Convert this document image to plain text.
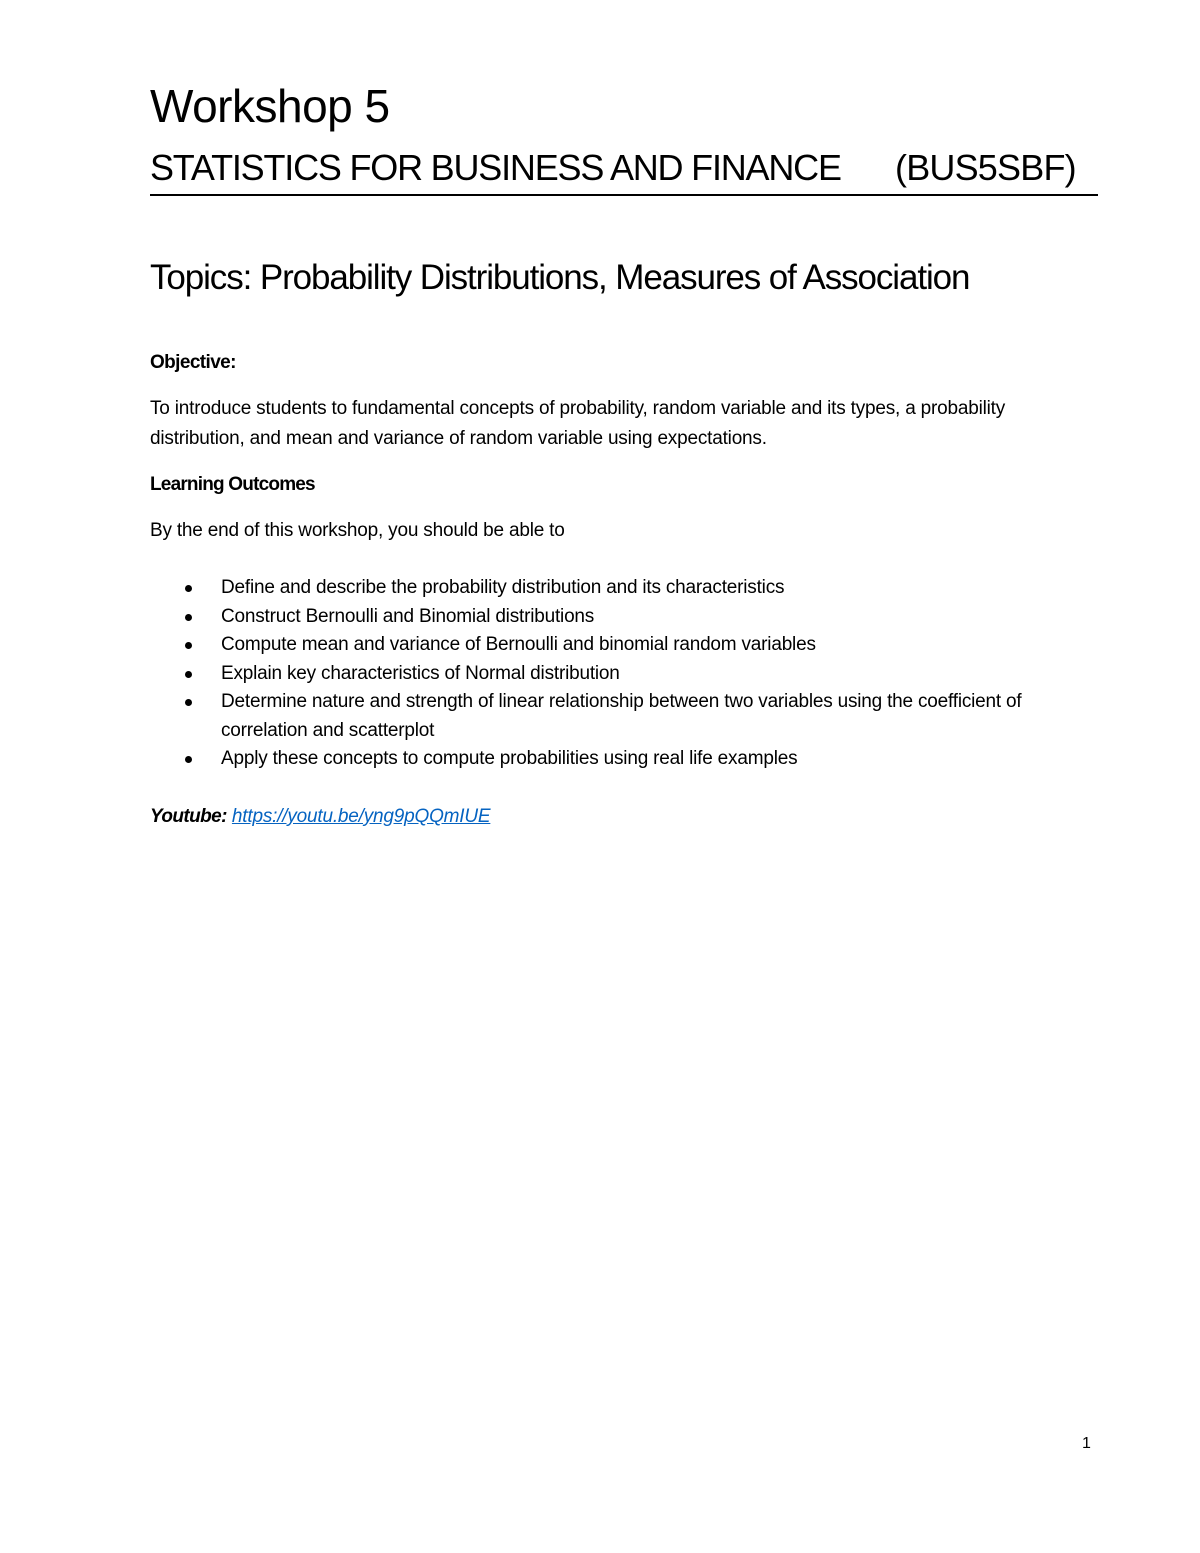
Workshop 5
STATISTICS FOR BUSINESS AND FINANCE (BUS5SBF)
Topics: Probability Distributions, Measures of Association
Objective:
To introduce students to fundamental concepts of probability, random variable and its types, a probability distribution, and mean and variance of random variable using expectations.
Learning Outcomes
By the end of this workshop, you should be able to
Define and describe the probability distribution and its characteristics
Construct Bernoulli and Binomial distributions
Compute mean and variance of Bernoulli and binomial random variables
Explain key characteristics of Normal distribution
Determine nature and strength of linear relationship between two variables using the coefficient of correlation and scatterplot
Apply these concepts to compute probabilities using real life examples
Youtube: https://youtu.be/yng9pQQmIUE
1
